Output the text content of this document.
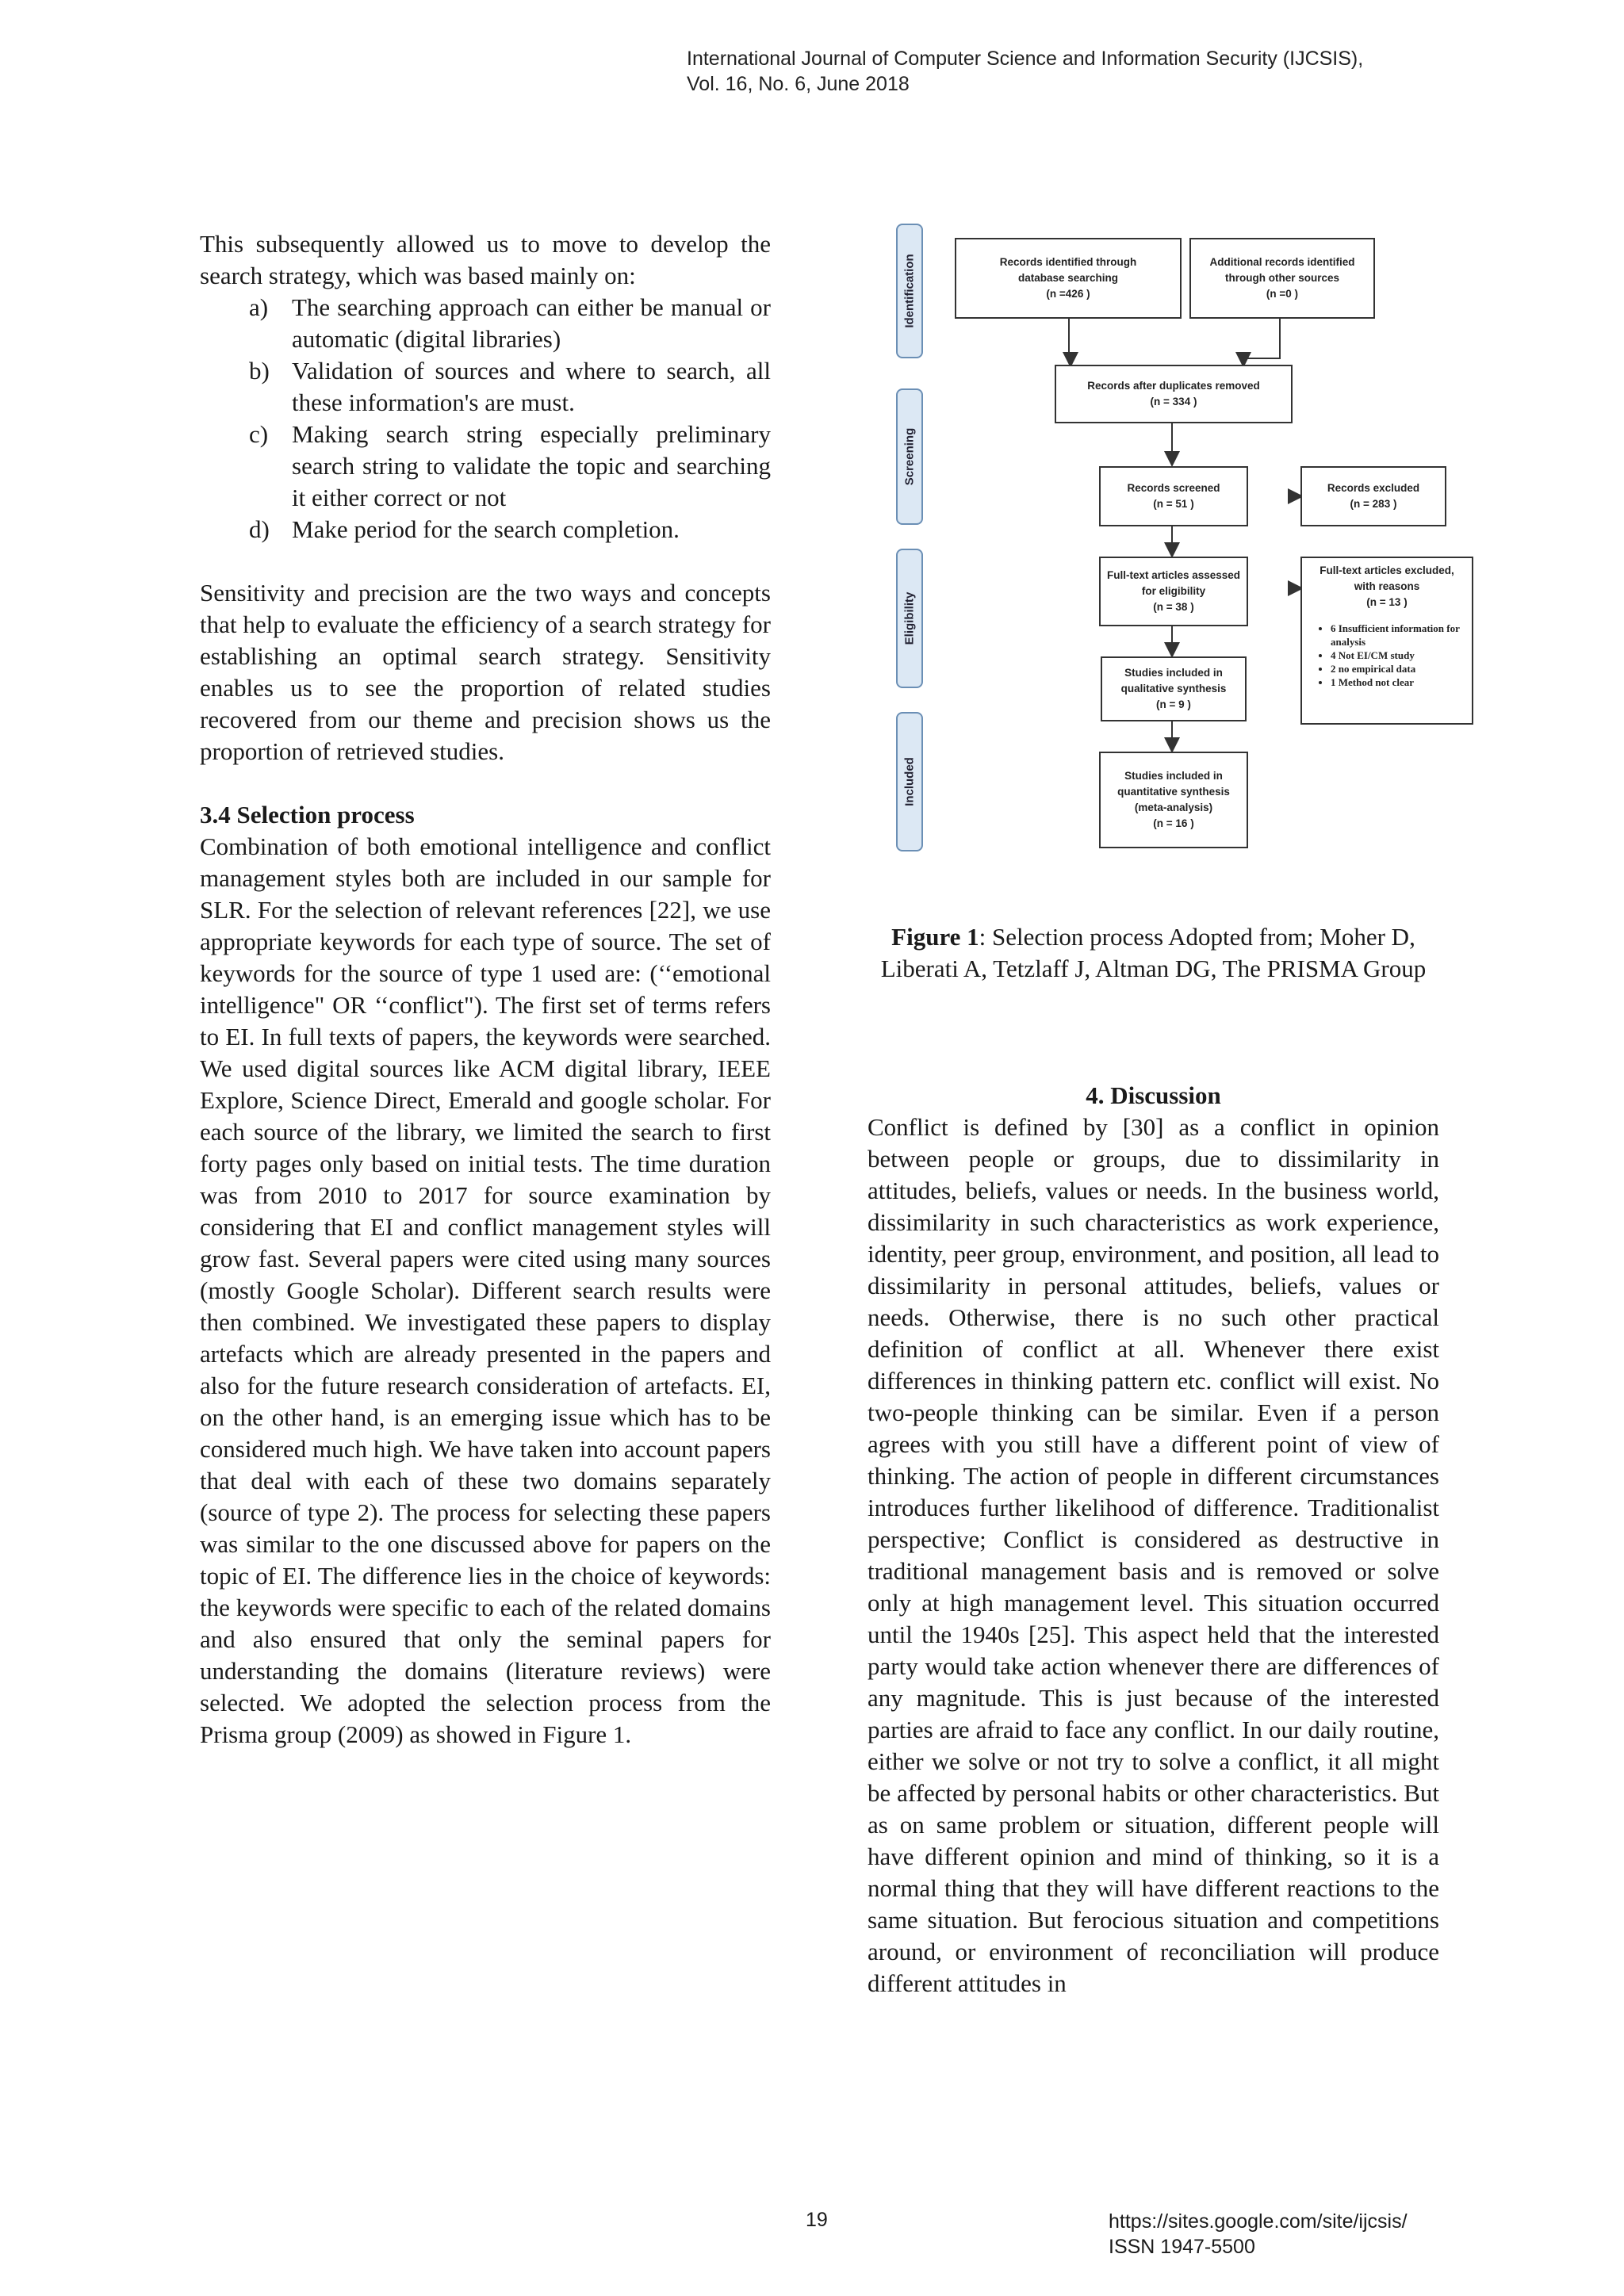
International Journal of Computer Science and Information Security (IJCSIS),
Vol. 16, No. 6, June 2018

This subsequently allowed us to move to develop the search strategy, which was based mainly on:

a) The searching approach can either be manual or automatic (digital libraries)
b) Validation of sources and where to search, all these information's are must.
c) Making search string especially preliminary search string to validate the topic and searching it either correct or not
d) Make period for the search completion.

Sensitivity and precision are the two ways and concepts that help to evaluate the efficiency of a search strategy for establishing an optimal search strategy. Sensitivity enables us to see the proportion of related studies recovered from our theme and precision shows us the proportion of retrieved studies.

3.4 Selection process

Combination of both emotional intelligence and conflict management styles both are included in our sample for SLR. For the selection of relevant references [22], we use appropriate keywords for each type of source. The set of keywords for the source of type 1 used are: (‘‘emotional intelligence" OR ‘‘conflict"). The first set of terms refers to EI. In full texts of papers, the keywords were searched. We used digital sources like ACM digital library, IEEE Explore, Science Direct, Emerald and google scholar. For each source of the library, we limited the search to first forty pages only based on initial tests. The time duration was from 2010 to 2017 for source examination by considering that EI and conflict management styles will grow fast. Several papers were cited using many sources (mostly Google Scholar). Different search results were then combined. We investigated these papers to display artefacts which are already presented in the papers and also for the future research consideration of artefacts. EI, on the other hand, is an emerging issue which has to be considered much high. We have taken into account papers that deal with each of these two domains separately (source of type 2). The process for selecting these papers was similar to the one discussed above for papers on the topic of EI. The difference lies in the choice of keywords: the keywords were specific to each of the related domains and also ensured that only the seminal papers for understanding the domains (literature reviews) were selected. We adopted the selection process from the Prisma group (2009) as showed in Figure 1.

Identification
Screening
Eligibility
Included
Records identified through
database searching
(n =426 )
Additional records identified
through other sources
(n =0 )
Records after duplicates removed
(n = 334 )
Records screened
(n = 51 )
Records excluded
(n = 283 )
Full-text articles assessed
for eligibility
(n = 38 )
Full-text articles excluded,
with reasons
(n = 13 )
• 6 Insufficient information for analysis
• 4 Not EI/CM study
• 2 no empirical data
• 1 Method not clear
Studies included in
qualitative synthesis
(n = 9 )
Studies included in
quantitative synthesis
(meta-analysis)
(n = 16 )

Figure 1: Selection process Adopted from; Moher D, Liberati A, Tetzlaff J, Altman DG, The PRISMA Group

4. Discussion

Conflict is defined by [30] as a conflict in opinion between people or groups, due to dissimilarity in attitudes, beliefs, values or needs. In the business world, dissimilarity in such characteristics as work experience, identity, peer group, environment, and position, all lead to dissimilarity in personal attitudes, beliefs, values or needs. Otherwise, there is no such other practical definition of conflict at all. Whenever there exist differences in thinking pattern etc. conflict will exist. No two-people thinking can be similar. Even if a person agrees with you still have a different point of view of thinking. The action of people in different circumstances introduces further likelihood of difference. Traditionalist perspective; Conflict is considered as destructive in traditional management basis and is removed or solve only at high management level. This situation occurred until the 1940s [25]. This aspect held that the interested party would take action whenever there are differences of any magnitude. This is just because of the interested parties are afraid to face any conflict. In our daily routine, either we solve or not try to solve a conflict, it all might be affected by personal habits or other characteristics. But as on same problem or situation, different people will have different opinion and mind of thinking, so it is a normal thing that they will have different reactions to the same situation. But ferocious situation and competitions around, or environment of reconciliation will produce different attitudes in

19	https://sites.google.com/site/ijcsis/
ISSN 1947-5500
